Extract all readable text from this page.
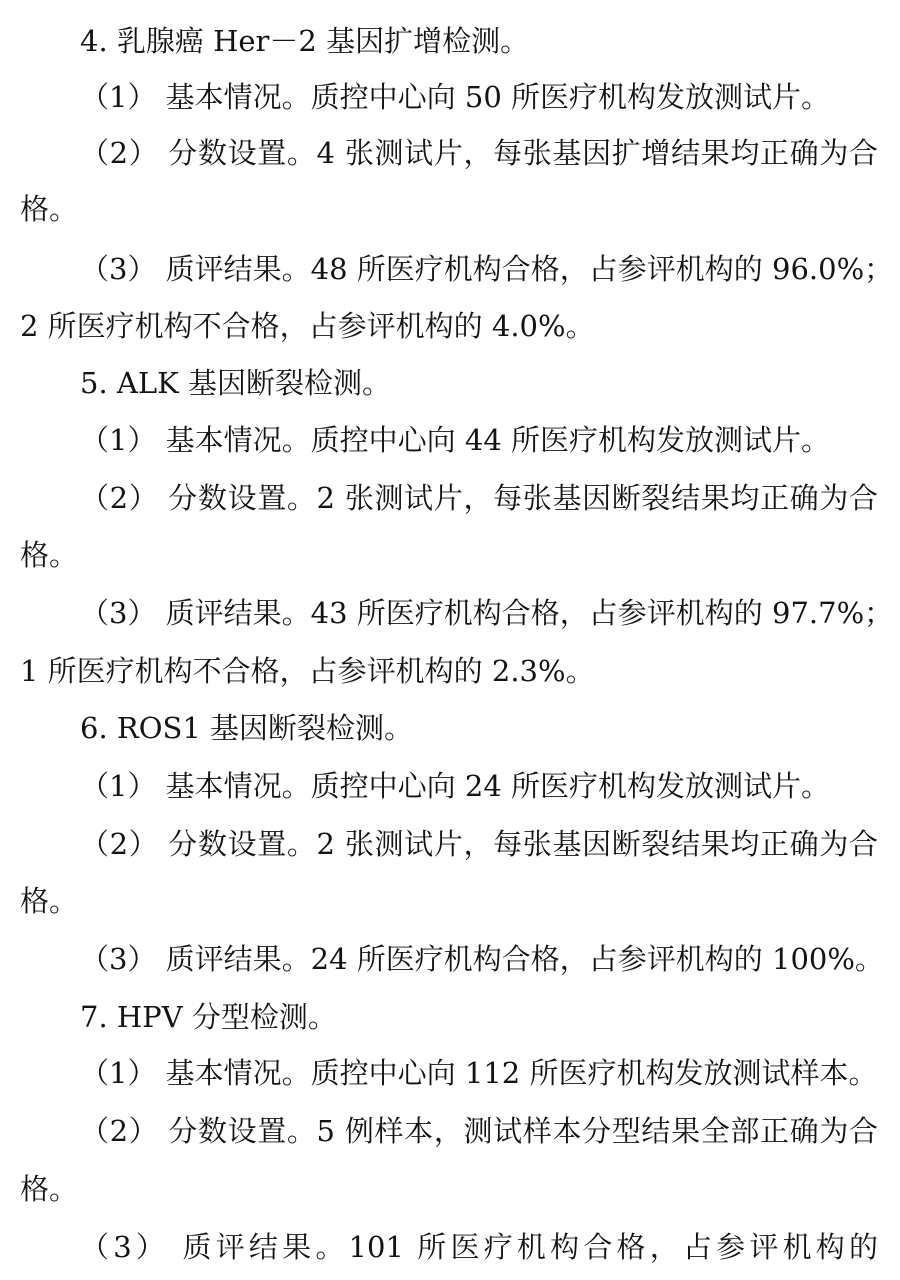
4. 乳腺癌 Her－2 基因扩增检测。
（1） 基本情况。质控中心向 50 所医疗机构发放测试片。
（2） 分数设置。4 张测试片，每张基因扩增结果均正确为合
格。
（3） 质评结果。48 所医疗机构合格，占参评机构的 96.0%；
2 所医疗机构不合格，占参评机构的 4.0%。
5. ALK 基因断裂检测。
（1） 基本情况。质控中心向 44 所医疗机构发放测试片。
（2） 分数设置。2 张测试片，每张基因断裂结果均正确为合
格。
（3） 质评结果。43 所医疗机构合格，占参评机构的 97.7%；
1 所医疗机构不合格，占参评机构的 2.3%。
6. ROS1 基因断裂检测。
（1） 基本情况。质控中心向 24 所医疗机构发放测试片。
（2） 分数设置。2 张测试片，每张基因断裂结果均正确为合
格。
（3） 质评结果。24 所医疗机构合格，占参评机构的 100%。
7. HPV 分型检测。
（1） 基本情况。质控中心向 112 所医疗机构发放测试样本。
（2） 分数设置。5 例样本，测试样本分型结果全部正确为合
格。
（3） 质评结果。101 所医疗机构合格，占参评机构的
